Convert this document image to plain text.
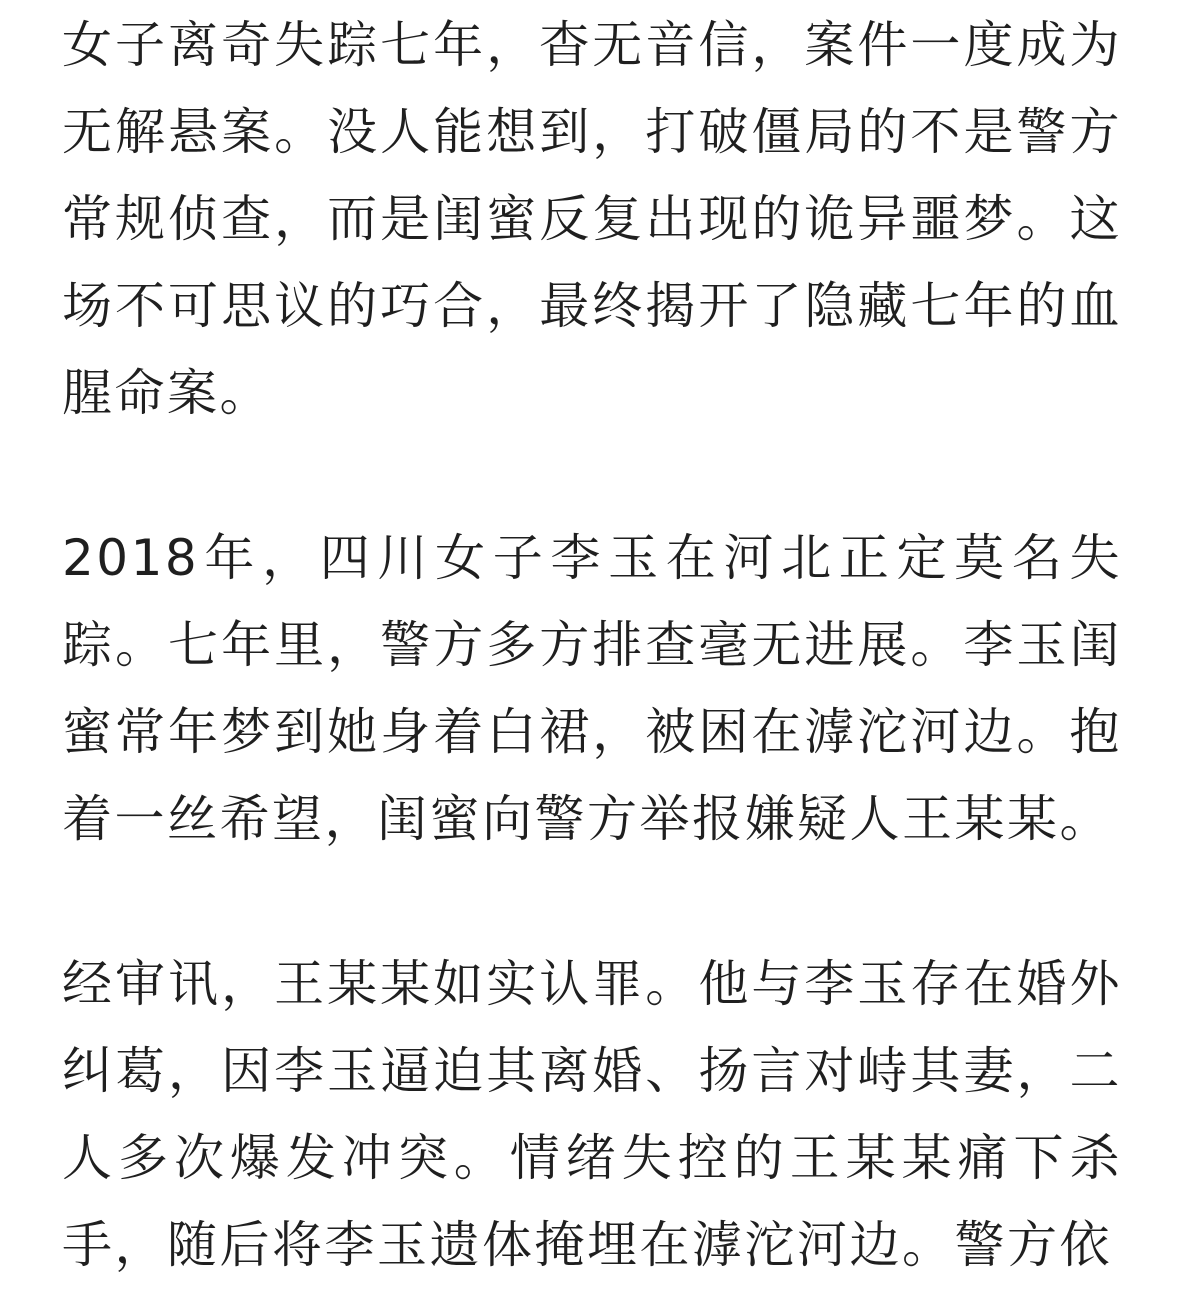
女子离奇失踪七年，杳无音信，案件一度成为无解悬案。没人能想到，打破僵局的不是警方常规侦查，而是闺蜜反复出现的诡异噩梦。这场不可思议的巧合，最终揭开了隐藏七年的血腥命案。

2018年，四川女子李玉在河北正定莫名失踪。七年里，警方多方排查毫无进展。李玉闺蜜常年梦到她身着白裙，被困在滹沱河边。抱着一丝希望，闺蜜向警方举报嫌疑人王某某。

经审讯，王某某如实认罪。他与李玉存在婚外纠葛，因李玉逼迫其离婚、扬言对峙其妻，二人多次爆发冲突。情绪失控的王某某痛下杀手，随后将李玉遗体掩埋在滹沱河边。警方依
